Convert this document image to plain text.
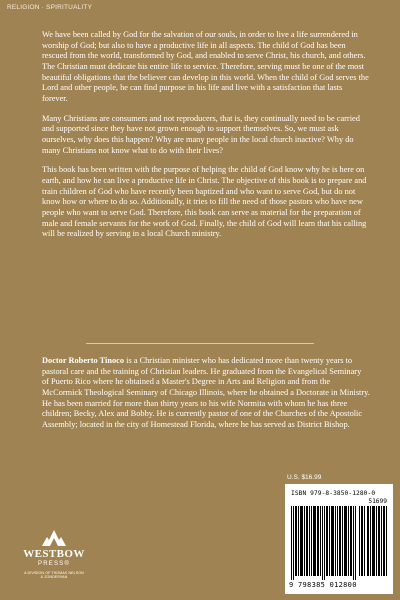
RELIGION · SPIRITUALITY

We have been called by God for the salvation of our souls, in order to live a life surrendered in worship of God; but also to have a productive life in all aspects. The child of God has been rescued from the world, transformed by God, and enabled to serve Christ, his church, and others. The Christian must dedicate his entire life to service. Therefore, serving must be one of the most beautiful obligations that the believer can develop in this world. When the child of God serves the Lord and other people, he can find purpose in his life and live with a satisfaction that lasts forever.

Many Christians are consumers and not reproducers, that is, they continually need to be carried and supported since they have not grown enough to support themselves. So, we must ask ourselves, why does this happen? Why are many people in the local church inactive? Why do many Christians not know what to do with their lives?

This book has been written with the purpose of helping the child of God know why he is here on earth, and how he can live a productive life in Christ. The objective of this book is to prepare and train children of God who have recently been baptized and who want to serve God, but do not know how or where to do so. Additionally, it tries to fill the need of those pastors who have new people who want to serve God. Therefore, this book can serve as material for the preparation of male and female servants for the work of God. Finally, the child of God will learn that his calling will be realized by serving in a local Church ministry.

Doctor Roberto Tinoco is a Christian minister who has dedicated more than twenty years to pastoral care and the training of Christian leaders. He graduated from the Evangelical Seminary of Puerto Rico where he obtained a Master's Degree in Arts and Religion and from the McCormick Theological Seminary of Chicago Illinois, where he obtained a Doctorate in Ministry. He has been married for more than thirty years to his wife Normita with whom he has three children; Becky, Alex and Bobby. He is currently pastor of one of the Churches of the Apostolic Assembly; located in the city of Homestead Florida, where he has served as District Bishop.
U.S. $16.99
ISBN 979-8-3850-1280-0
51699
9 798385 012800
WESTBOW
PRESS®
A DIVISION OF THOMAS NELSON
& ZONDERVAN
